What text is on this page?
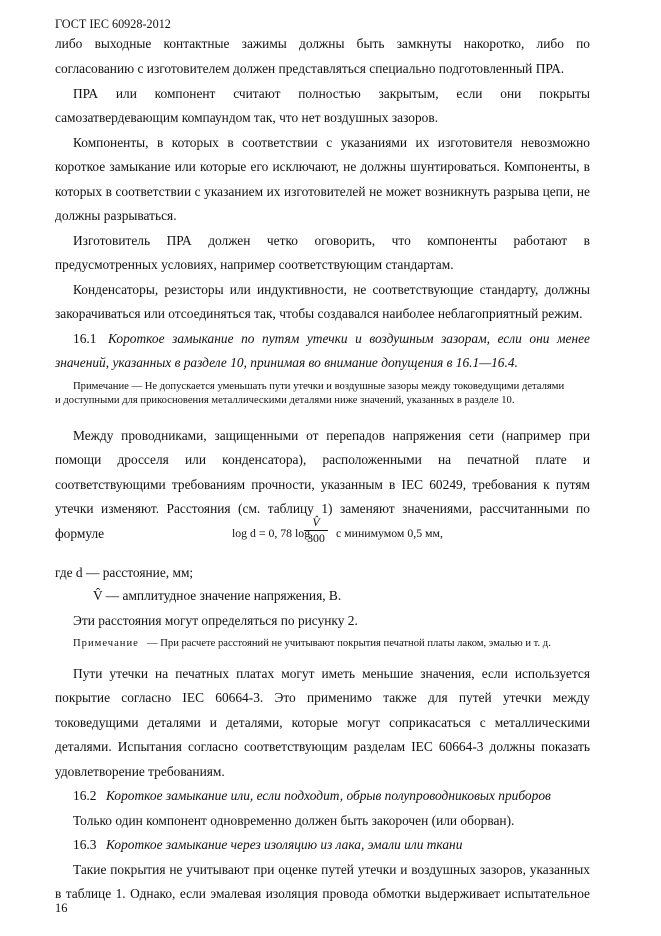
ГОСТ IEC 60928-2012
либо выходные контактные зажимы должны быть замкнуты накоротко, либо по
согласованию с изготовителем должен представляться специально подготовленный ПРА.
ПРА или компонент считают полностью закрытым, если они покрыты
самозатвердевающим компаундом так, что нет воздушных зазоров.
Компоненты, в которых в соответствии с указаниями их изготовителя невозможно
короткое замыкание или которые его исключают, не должны шунтироваться. Компоненты, в
которых в соответствии с указанием их изготовителей не может возникнуть разрыва цепи, не
должны разрываться.
Изготовитель ПРА должен четко оговорить, что компоненты работают в
предусмотренных условиях, например соответствующим стандартам.
Конденсаторы, резисторы или индуктивности, не соответствующие стандарту, должны
закорачиваться или отсоединяться так, чтобы создавался наиболее неблагоприятный режим.
16.1 Короткое замыкание по путям утечки и воздушным зазорам, если они менее
значений, указанных в разделе 10, принимая во внимание допущения в 16.1—16.4.
Примечание — Не допускается уменьшать пути утечки и воздушные зазоры между токоведущими деталями
и доступными для прикосновения металлическими деталями ниже значений, указанных в разделе 10.
Между проводниками, защищенными от перепадов напряжения сети (например при
помощи дросселя или конденсатора), расположенными на печатной плате и
соответствующими требованиям прочности, указанным в IEC 60249, требования к путям
утечки изменяют. Расстояния (см. таблицу 1) заменяют значениями, рассчитанными по
формуле	log d = 0, 78 log
V̂
300 с минимумом 0,5 мм,
где d — расстояние, мм;
V̂ — амплитудное значение напряжения, В.
Эти расстояния могут определяться по рисунку 2.
Примечание — При расчете расстояний не учитывают покрытия печатной платы лаком, эмалью и т. д.
Пути утечки на печатных платах могут иметь меньшие значения, если используется
покрытие согласно IEC 60664-3. Это применимо также для путей утечки между
токоведущими деталями и деталями, которые могут соприкасаться с металлическими
деталями. Испытания согласно соответствующим разделам IEC 60664-3 должны показать
удовлетворение требованиям.
16.2 Короткое замыкание или, если подходит, обрыв полупроводниковых приборов
Только один компонент одновременно должен быть закорочен (или оборван).
16.3 Короткое замыкание через изоляцию из лака, эмали или ткани
Такие покрытия не учитывают при оценке путей утечки и воздушных зазоров, указанных
в таблице 1. Однако, если эмалевая изоляция провода обмотки выдерживает испытательное
16
